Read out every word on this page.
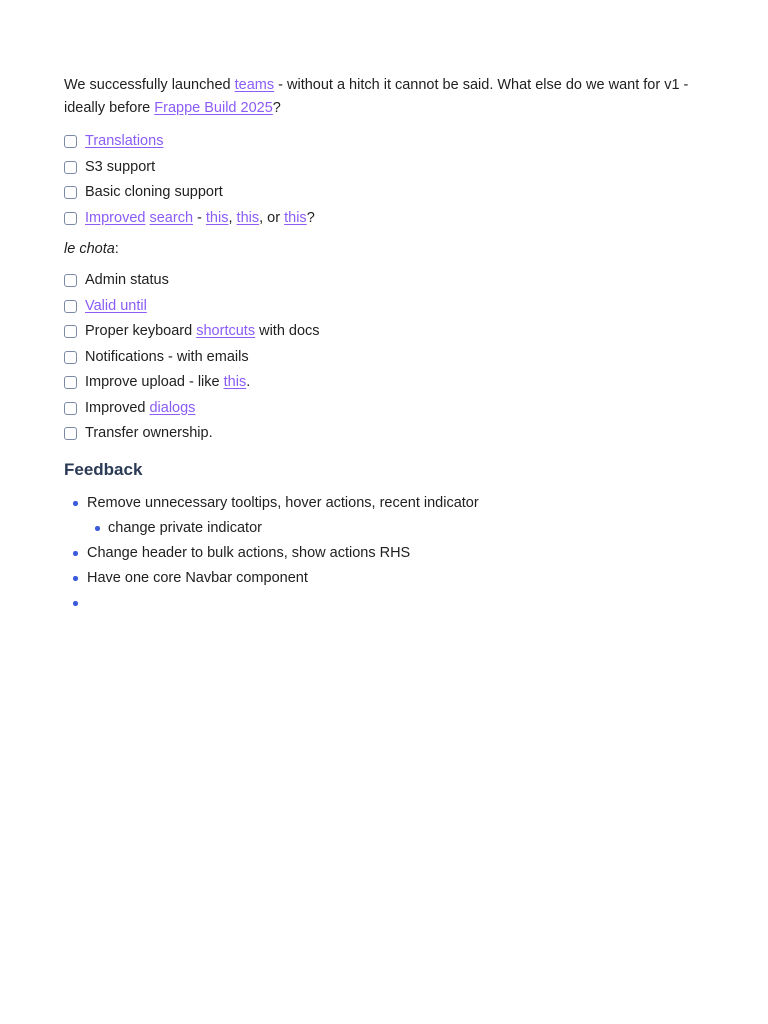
We successfully launched teams - without a hitch it cannot be said. What else do we want for v1 - ideally before Frappe Build 2025?

Translations
S3 support
Basic cloning support
Improved search - this, this, or this?

le chota:

Admin status
Valid until
Proper keyboard shortcuts with docs
Notifications - with emails
Improve upload - like this.
Improved dialogs
Transfer ownership.
Feedback
Remove unnecessary tooltips, hover actions, recent indicator
change private indicator
Change header to bulk actions, show actions RHS
Have one core Navbar component
